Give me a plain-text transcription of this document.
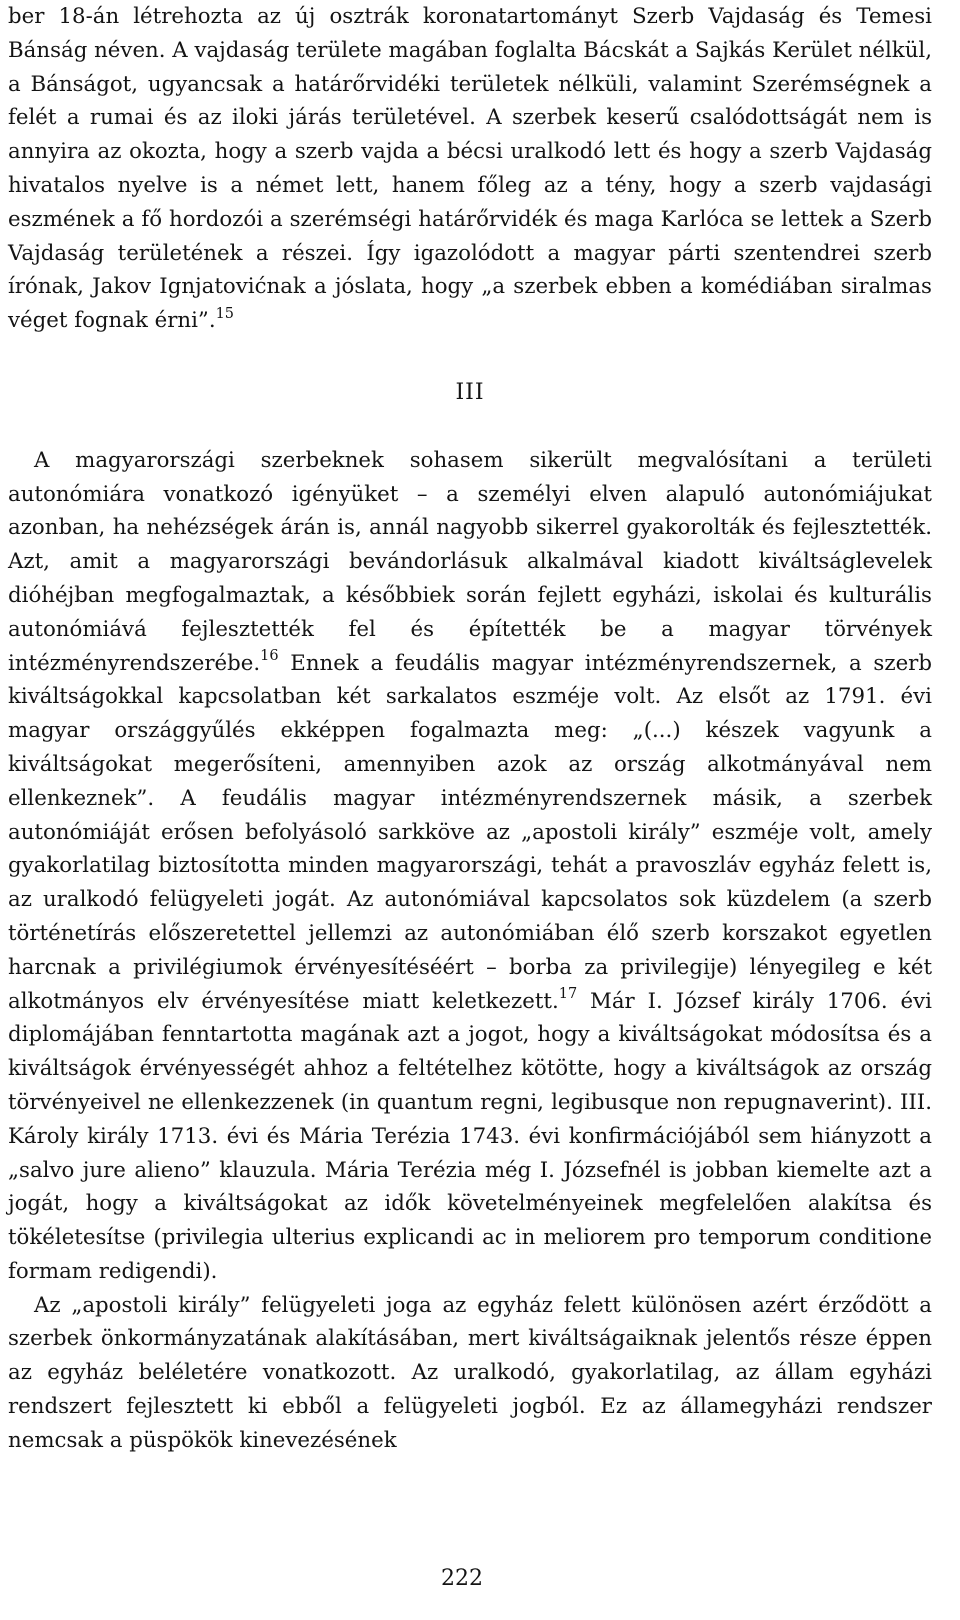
ber 18-án létrehozta az új osztrák koronatartományt Szerb Vajdaság és Temesi Bánság néven. A vajdaság területe magában foglalta Bácskát a Sajkás Kerület nélkül, a Bánságot, ugyancsak a határőrvidéki területek nélküli, valamint Szerémségnek a felét a rumai és az iloki járás területével. A szerbek keserű csalódottságát nem is annyira az okozta, hogy a szerb vajda a bécsi uralkodó lett és hogy a szerb Vajdaság hivatalos nyelve is a német lett, hanem főleg az a tény, hogy a szerb vajdasági eszmének a fő hordozói a szerémségi határőrvidék és maga Karlóca se lettek a Szerb Vajdaság területének a részei. Így igazolódott a magyar párti szentendrei szerb írónak, Jakov Ignjatovićnak a jóslata, hogy „a szerbek ebben a komédiában siralmas véget fognak érni”.$^{15}$

III

A magyarországi szerbeknek sohasem sikerült megvalósítani a területi autonómiára vonatkozó igényüket – a személyi elven alapuló autonómiájukat azonban, ha nehézségek árán is, annál nagyobb sikerrel gyakorolták és fejlesztették. Azt, amit a magyarországi bevándorlásuk alkalmával kiadott kiváltságlevelek dióhéjban megfogalmaztak, a későbbiek során fejlett egyházi, iskolai és kulturális autonómiává fejlesztették fel és építették be a magyar törvények intézményrendszerébe.$^{16}$ Ennek a feudális magyar intézményrendszernek, a szerb kiváltságokkal kapcsolatban két sarkalatos eszméje volt. Az elsőt az 1791. évi magyar országgyűlés ekképpen fogalmazta meg: „(...) készek vagyunk a kiváltságokat megerősíteni, amennyiben azok az ország alkotmányával nem ellenkeznek”. A feudális magyar intézményrendszernek másik, a szerbek autonómiáját erősen befolyásoló sarkköve az „apostoli király” eszméje volt, amely gyakorlatilag biztosította minden magyarországi, tehát a pravoszláv egyház felett is, az uralkodó felügyeleti jogát. Az autonómiával kapcsolatos sok küzdelem (a szerb történetírás előszeretettel jellemzi az autonómiában élő szerb korszakot egyetlen harcnak a privilégiumok érvényesítéséért – borba za privilegije) lényegileg e két alkotmányos elv érvényesítése miatt keletkezett.$^{17}$ Már I. József király 1706. évi diplomájában fenntartotta magának azt a jogot, hogy a kiváltságokat módosítsa és a kiváltságok érvényességét ahhoz a feltételhez kötötte, hogy a kiváltságok az ország törvényeivel ne ellenkezzenek (in quantum regni, legibusque non repugnaverint). III. Károly király 1713. évi és Mária Terézia 1743. évi konfirmációjából sem hiányzott a „salvo jure alieno” klauzula. Mária Terézia még I. Józsefnél is jobban kiemelte azt a jogát, hogy a kiváltságokat az idők követelményeinek megfelelően alakítsa és tökéletesítse (privilegia ulterius explicandi ac in meliorem pro temporum conditione formam redigendi).

Az „apostoli király” felügyeleti joga az egyház felett különösen azért érződött a szerbek önkormányzatának alakításában, mert kiváltságaiknak jelentős része éppen az egyház beléletére vonatkozott. Az uralkodó, gyakorlatilag, az állam egyházi rendszert fejlesztett ki ebből a felügyeleti jogból. Ez az államegyházi rendszer nemcsak a püspökök kinevezésének

222
